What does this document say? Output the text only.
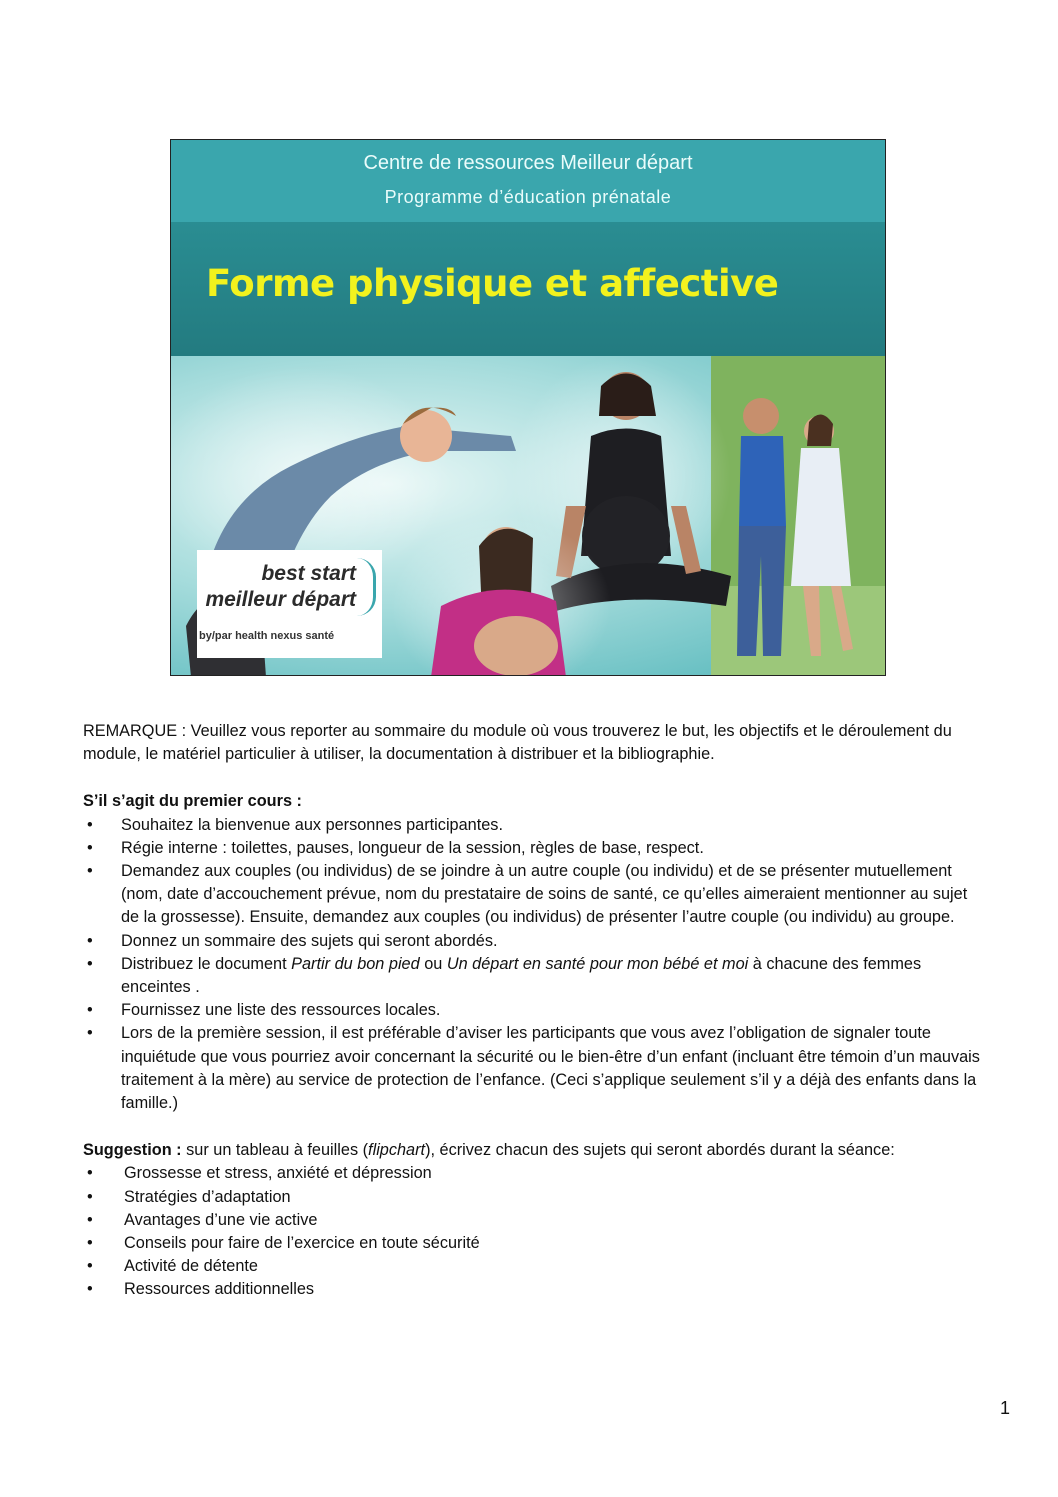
Centre de ressources Meilleur départ
Programme d’éducation prénatale
Forme physique et affective
best start
meilleur départ
by/par health nexus santé

REMARQUE : Veuillez vous reporter au sommaire du module où vous trouverez le but, les objectifs et le déroulement du module, le matériel particulier à utiliser, la documentation à distribuer et la bibliographie.

S’il s’agit du premier cours :

• Souhaitez la bienvenue aux personnes participantes.
• Régie interne : toilettes, pauses, longueur de la session, règles de base, respect.
• Demandez aux couples (ou individus) de se joindre à un autre couple (ou individu) et de se présenter mutuellement (nom, date d’accouchement prévue, nom du prestataire de soins de santé, ce qu’elles aimeraient mentionner au sujet de la grossesse). Ensuite, demandez aux couples (ou individus) de présenter l’autre couple (ou individu) au groupe.
• Donnez un sommaire des sujets qui seront abordés.
• Distribuez le document Partir du bon pied ou Un départ en santé pour mon bébé et moi à chacune des femmes enceintes .
• Fournissez une liste des ressources locales.
• Lors de la première session, il est préférable d’aviser les participants que vous avez l’obligation de signaler toute inquiétude que vous pourriez avoir concernant la sécurité ou le bien-être d’un enfant (incluant être témoin d’un mauvais traitement à la mère) au service de protection de l’enfance. (Ceci s’applique seulement s’il y a déjà des enfants dans la famille.)

Suggestion : sur un tableau à feuilles (flipchart), écrivez chacun des sujets qui seront abordés durant la séance:

• Grossesse et stress, anxiété et dépression
• Stratégies d’adaptation
• Avantages d’une vie active
• Conseils pour faire de l’exercice en toute sécurité
• Activité de détente
• Ressources additionnelles
1
